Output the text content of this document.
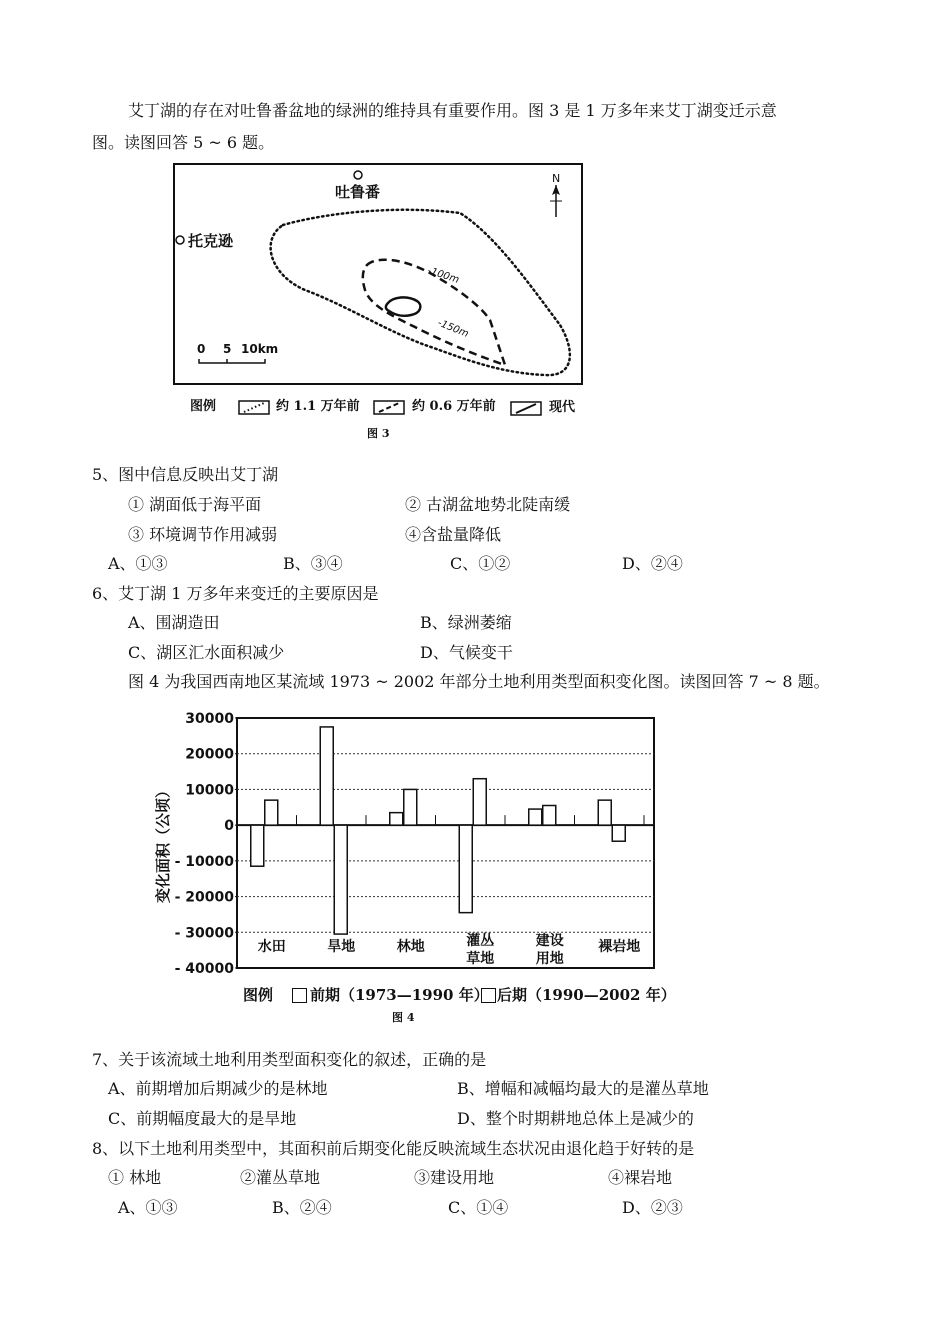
艾丁湖的存在对吐鲁番盆地的绿洲的维持具有重要作用。图 3 是 1 万多年来艾丁湖变迁示意
图。读图回答 5 ~ 6 题。
吐鲁番
托克逊
-100m
-150m
N
0 5 10km
图例	约 1.1 万年前	约 0.6 万年前	现代
图 3
5、图中信息反映出艾丁湖
① 湖面低于海平面	② 古湖盆地势北陡南缓
③ 环境调节作用减弱	④含盐量降低
A、①③	B、③④	C、①②	D、②④
6、艾丁湖 1 万多年来变迁的主要原因是
A、围湖造田	B、绿洲萎缩
C、湖区汇水面积减少	D、气候变干
图 4 为我国西南地区某流域 1973 ~ 2002 年部分土地利用类型面积变化图。读图回答 7 ~ 8 题。
30000
20000
10000
0
- 10000
- 20000
- 30000
- 40000
变化面积（公顷）
水田	旱地	林地	灌丛
草地
建设
用地
裸岩地
图例 前期（1973—1990 年） 后期（1990—2002 年）
图 4
7、关于该流域土地利用类型面积变化的叙述，正确的是
A、前期增加后期减少的是林地	B、增幅和减幅均最大的是灌丛草地
C、前期幅度最大的是旱地	D、整个时期耕地总体上是减少的
8、以下土地利用类型中，其面积前后期变化能反映流域生态状况由退化趋于好转的是
① 林地	②灌丛草地	③建设用地	④裸岩地
A、①③	B、②④	C、①④	D、②③
